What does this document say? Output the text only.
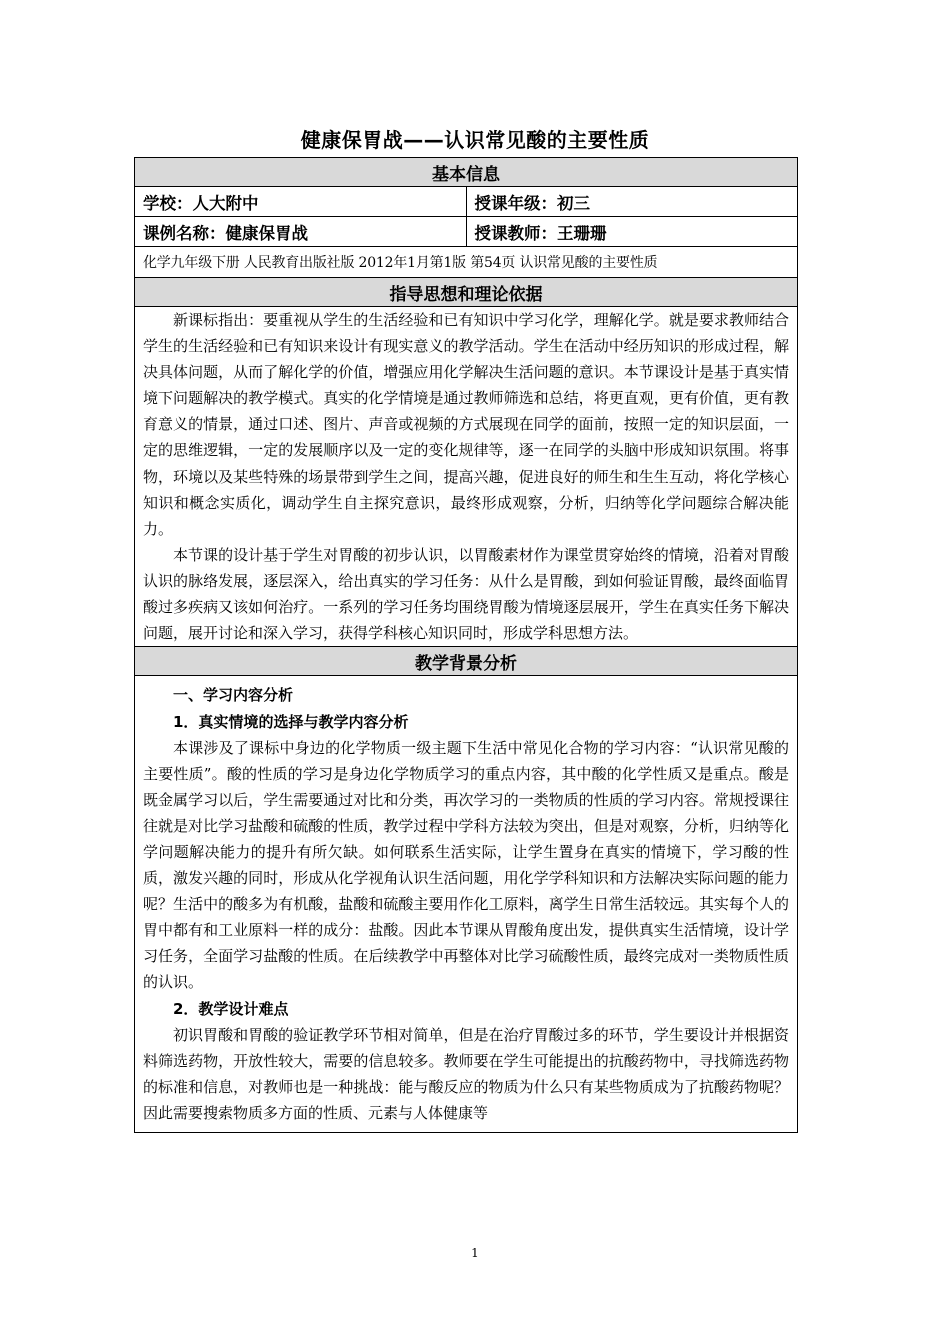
健康保胃战——认识常见酸的主要性质
基本信息	
学校：人大附中	授课年级：初三
课例名称：健康保胃战	授课教师：王珊珊
化学九年级下册 人民教育出版社版 2012年1月第1版 第54页 认识常见酸的主要性质	
指导思想和理论依据	

新课标指出：要重视从学生的生活经验和已有知识中学习化学，理解化学。就是要求教师结合学生的生活经验和已有知识来设计有现实意义的教学活动。学生在活动中经历知识的形成过程，解决具体问题，从而了解化学的价值，增强应用化学解决生活问题的意识。本节课设计是基于真实情境下问题解决的教学模式。真实的化学情境是通过教师筛选和总结，将更直观，更有价值，更有教育意义的情景，通过口述、图片、声音或视频的方式展现在同学的面前，按照一定的知识层面，一定的思维逻辑，一定的发展顺序以及一定的变化规律等，逐一在同学的头脑中形成知识氛围。将事物，环境以及某些特殊的场景带到学生之间，提高兴趣，促进良好的师生和生生互动，将化学核心知识和概念实质化，调动学生自主探究意识，最终形成观察，分析，归纳等化学问题综合解决能力。

本节课的设计基于学生对胃酸的初步认识，以胃酸素材作为课堂贯穿始终的情境，沿着对胃酸认识的脉络发展，逐层深入，给出真实的学习任务：从什么是胃酸，到如何验证胃酸，最终面临胃酸过多疾病又该如何治疗。一系列的学习任务均围绕胃酸为情境逐层展开，学生在真实任务下解决问题，展开讨论和深入学习，获得学科核心知识同时，形成学科思想方法。	

教学背景分析	

一、学习内容分析

1．真实情境的选择与教学内容分析

本课涉及了课标中身边的化学物质一级主题下生活中常见化合物的学习内容：“认识常见酸的主要性质”。酸的性质的学习是身边化学物质学习的重点内容，其中酸的化学性质又是重点。酸是既金属学习以后，学生需要通过对比和分类，再次学习的一类物质的性质的学习内容。常规授课往往就是对比学习盐酸和硫酸的性质，教学过程中学科方法较为突出，但是对观察，分析，归纳等化学问题解决能力的提升有所欠缺。如何联系生活实际，让学生置身在真实的情境下，学习酸的性质，激发兴趣的同时，形成从化学视角认识生活问题，用化学学科知识和方法解决实际问题的能力呢？生活中的酸多为有机酸，盐酸和硫酸主要用作化工原料，离学生日常生活较远。其实每个人的胃中都有和工业原料一样的成分：盐酸。因此本节课从胃酸角度出发，提供真实生活情境，设计学习任务，全面学习盐酸的性质。在后续教学中再整体对比学习硫酸性质，最终完成对一类物质性质的认识。

2．教学设计难点

初识胃酸和胃酸的验证教学环节相对简单，但是在治疗胃酸过多的环节，学生要设计并根据资料筛选药物，开放性较大，需要的信息较多。教师要在学生可能提出的抗酸药物中，寻找筛选药物的标准和信息，对教师也是一种挑战：能与酸反应的物质为什么只有某些物质成为了抗酸药物呢？因此需要搜索物质多方面的性质、元素与人体健康等	

1
